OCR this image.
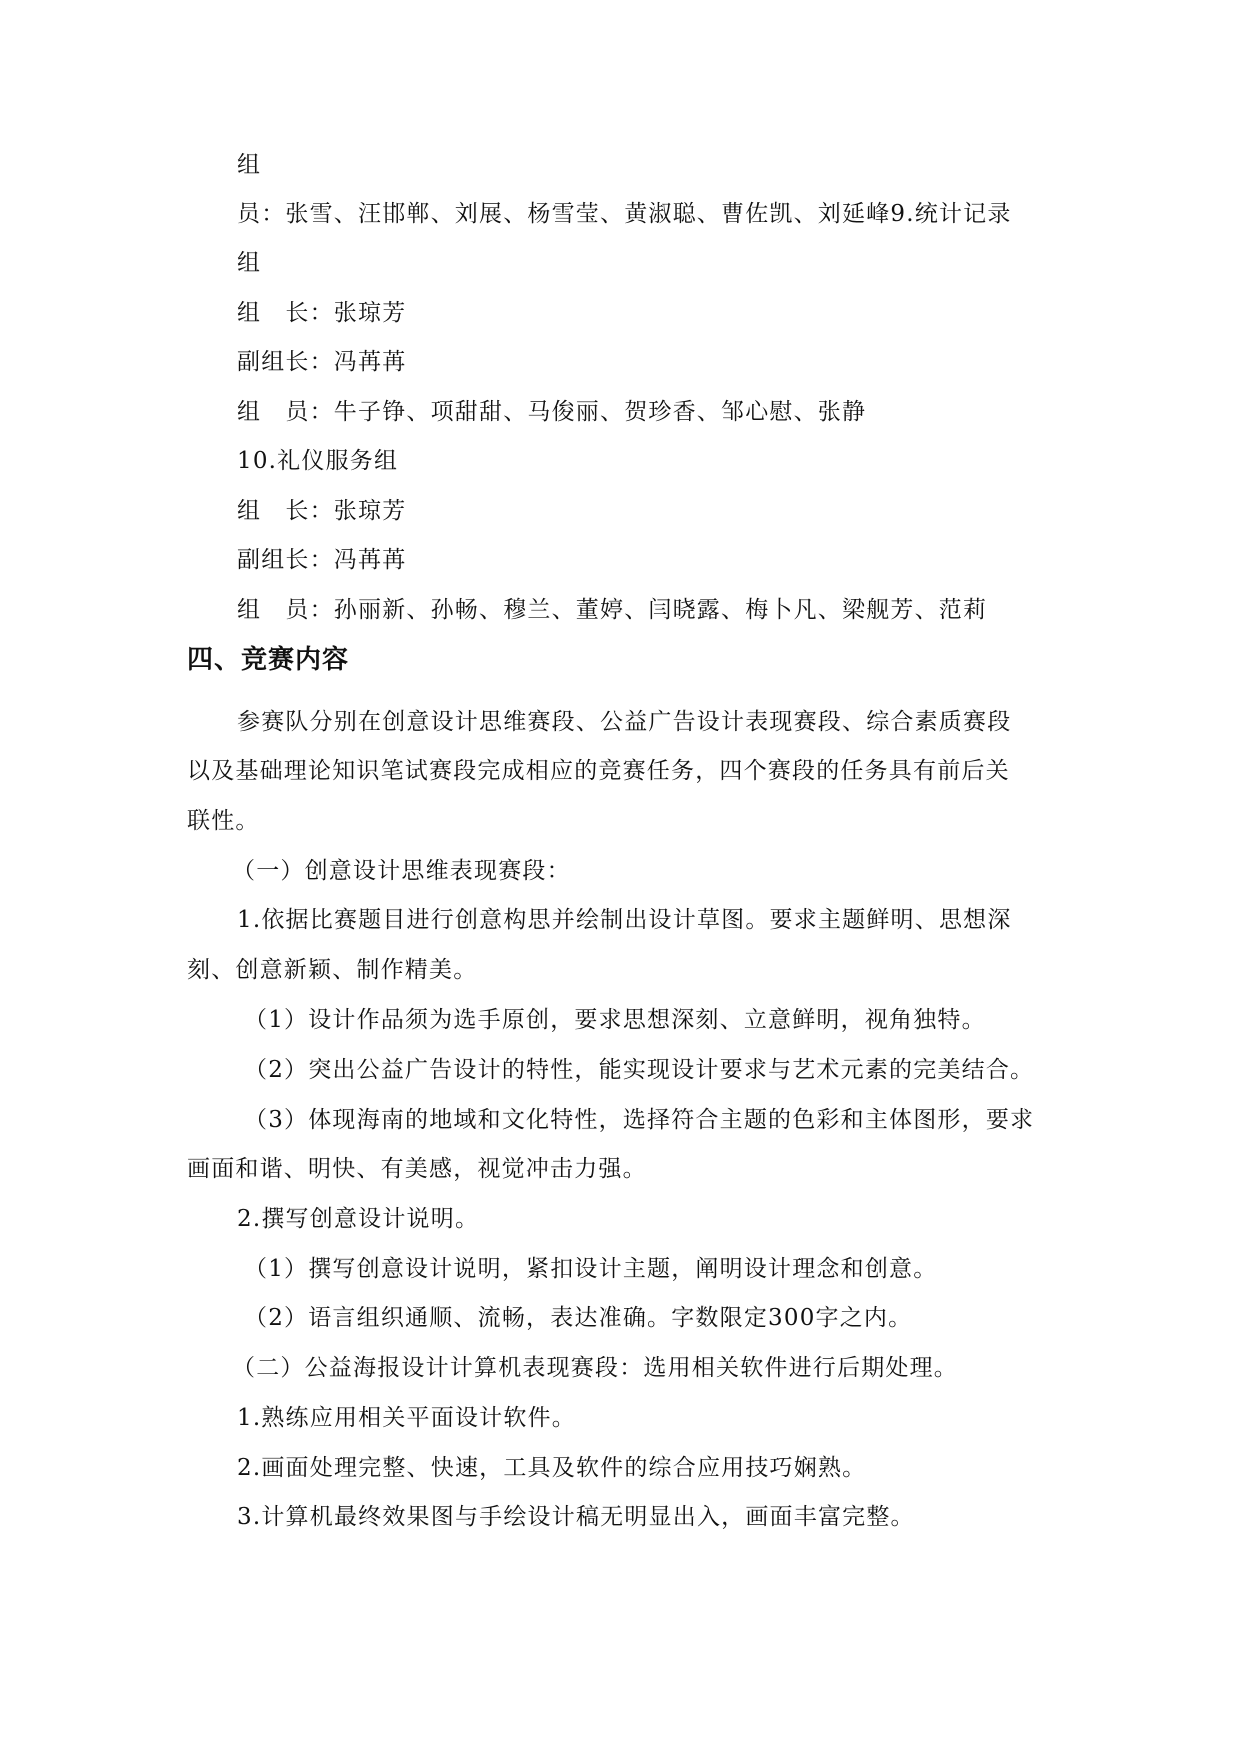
组

员：张雪、汪邯郸、刘展、杨雪莹、黄淑聪、曹佐凯、刘延峰9.统计记录

组

组　长：张琼芳

副组长：冯苒苒

组　员：牛子铮、项甜甜、马俊丽、贺珍香、邹心慰、张静

10.礼仪服务组

组　长：张琼芳

副组长：冯苒苒

组　员：孙丽新、孙畅、穆兰、董婷、闫晓露、梅卜凡、梁舰芳、范莉

四、竞赛内容

参赛队分别在创意设计思维赛段、公益广告设计表现赛段、综合素质赛段

以及基础理论知识笔试赛段完成相应的竞赛任务，四个赛段的任务具有前后关

联性。

（一）创意设计思维表现赛段：

1.依据比赛题目进行创意构思并绘制出设计草图。要求主题鲜明、思想深

刻、创意新颖、制作精美。

（1）设计作品须为选手原创，要求思想深刻、立意鲜明，视角独特。

（2）突出公益广告设计的特性，能实现设计要求与艺术元素的完美结合。

（3）体现海南的地域和文化特性，选择符合主题的色彩和主体图形，要求

画面和谐、明快、有美感，视觉冲击力强。

2.撰写创意设计说明。

（1）撰写创意设计说明，紧扣设计主题，阐明设计理念和创意。

（2）语言组织通顺、流畅，表达准确。字数限定300字之内。

（二）公益海报设计计算机表现赛段：选用相关软件进行后期处理。

1.熟练应用相关平面设计软件。

2.画面处理完整、快速，工具及软件的综合应用技巧娴熟。

3.计算机最终效果图与手绘设计稿无明显出入，画面丰富完整。
